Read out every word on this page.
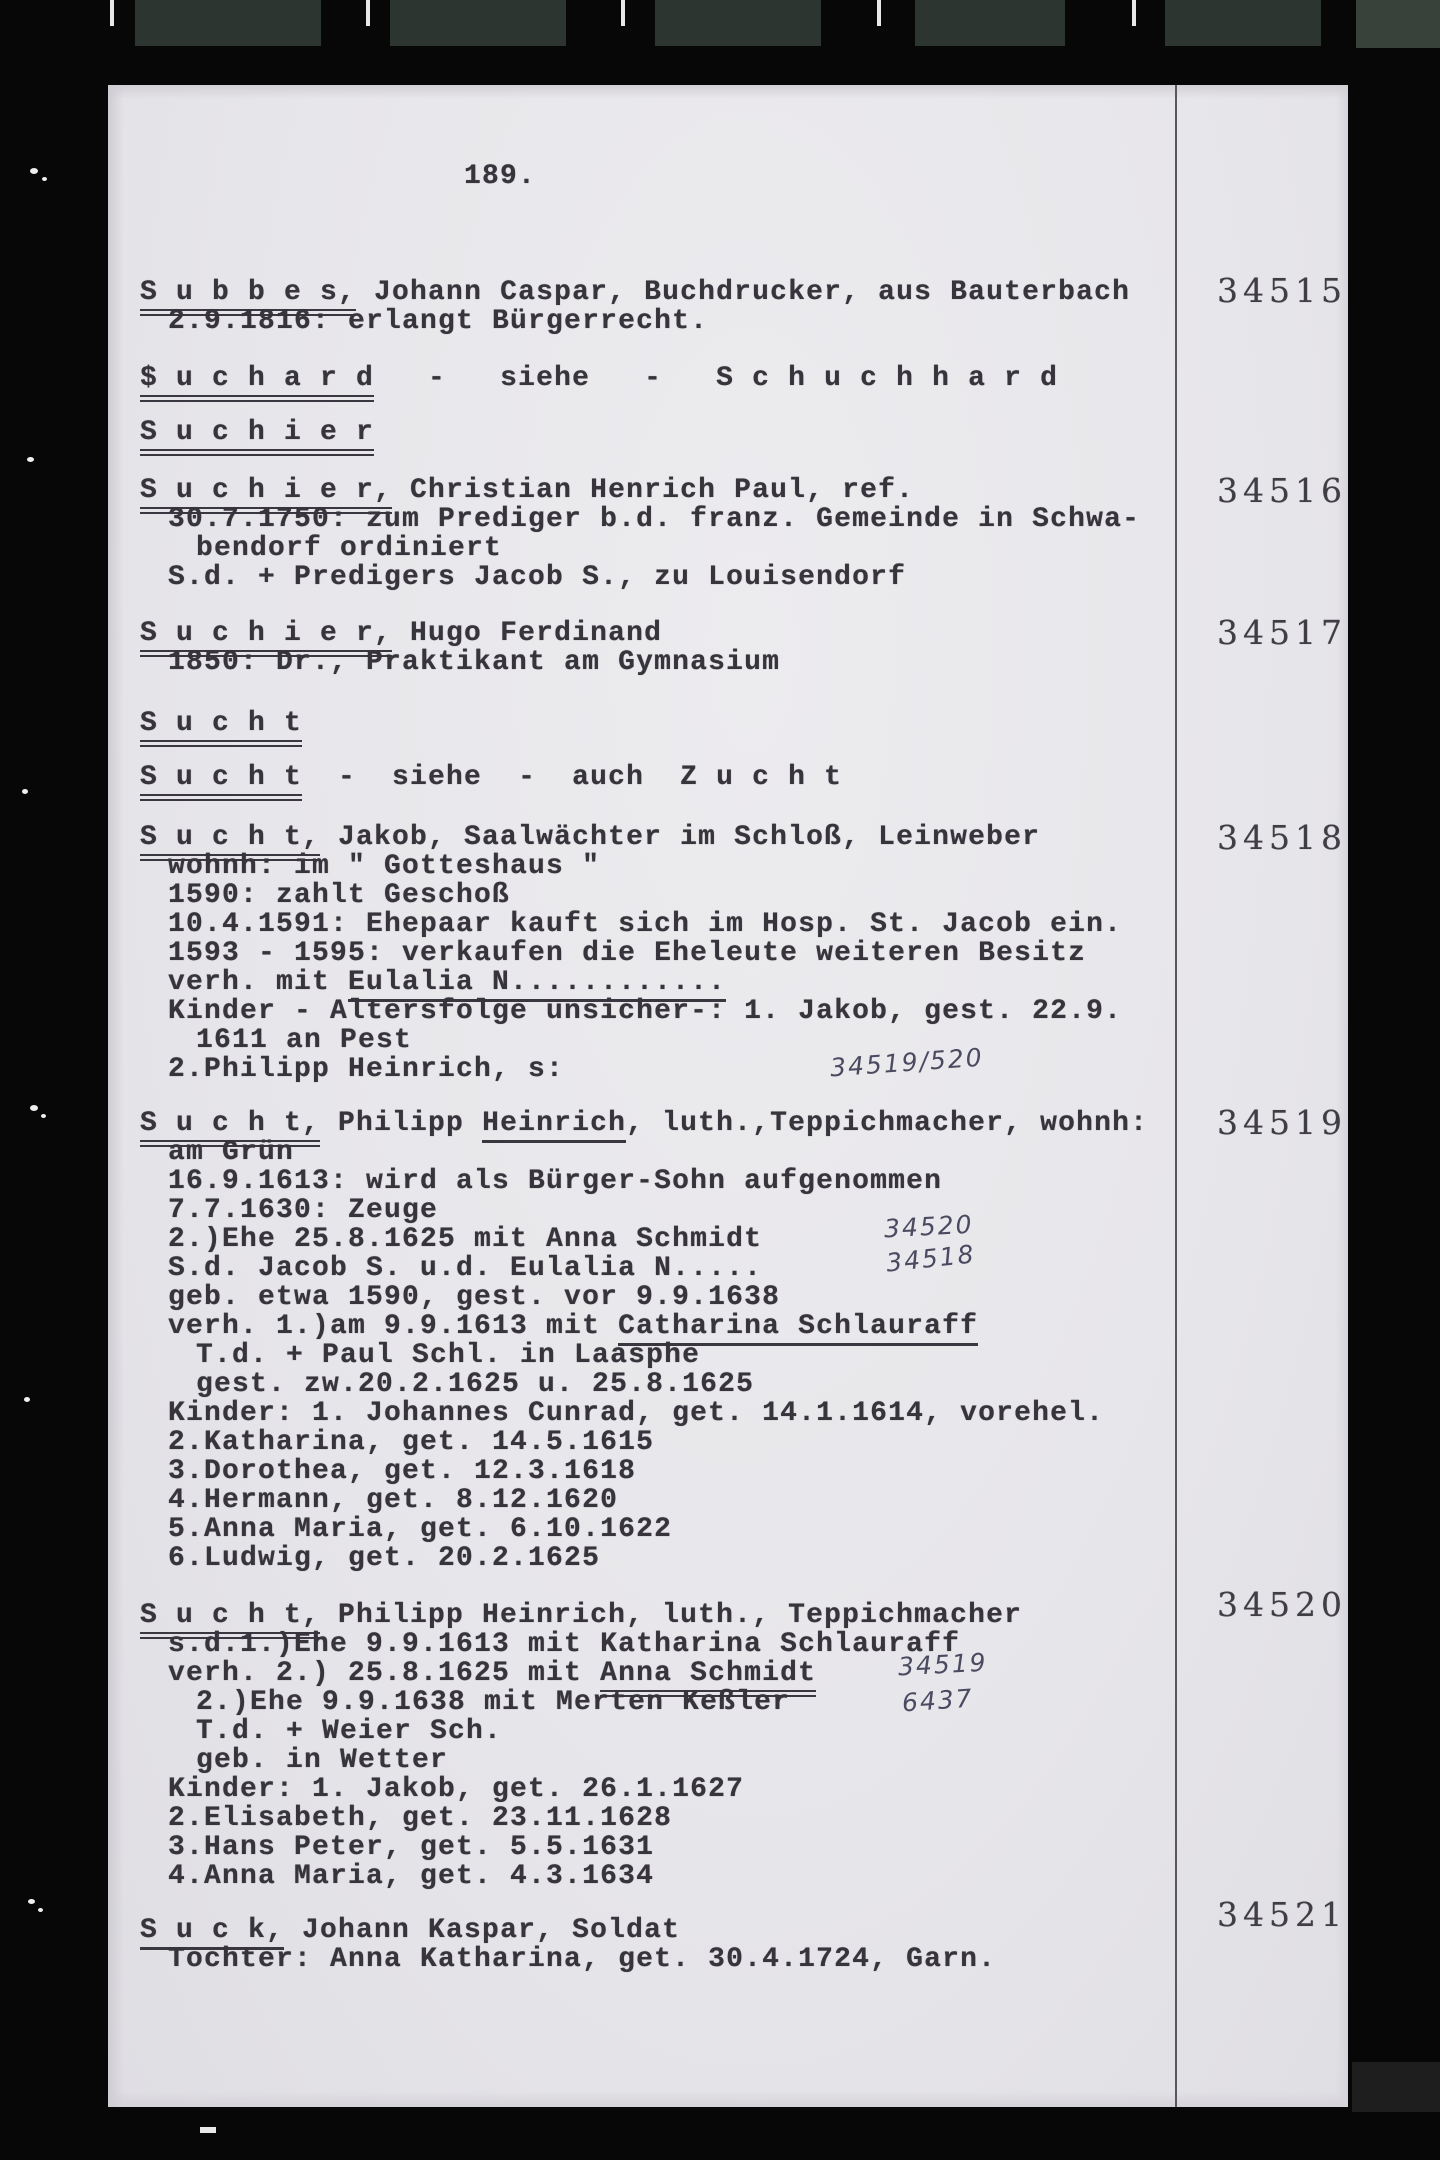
189.
S u b b e s, Johann Caspar, Buchdrucker, aus Bauterbach
2.9.1816: erlangt Bürgerrecht.
$ u c h a r d   -   siehe   -   S c h u c h h a r d
S u c h i e r
S u c h i e r, Christian Henrich Paul, ref.
30.7.1750: zum Prediger b.d. franz. Gemeinde in Schwa-
bendorf ordiniert
S.d. + Predigers Jacob S., zu Louisendorf
S u c h i e r, Hugo Ferdinand
1850: Dr., Praktikant am Gymnasium
S u c h t
S u c h t  -  siehe  -  auch  Z u c h t
S u c h t, Jakob, Saalwächter im Schloß, Leinweber
wohnh: im " Gotteshaus "
1590: zahlt Geschoß
10.4.1591: Ehepaar kauft sich im Hosp. St. Jacob ein.
1593 - 1595: verkaufen die Eheleute weiteren Besitz
verh. mit Eulalia N............
Kinder - Altersfolge unsicher-: 1. Jakob, gest. 22.9.
1611 an Pest
2.Philipp Heinrich, s:
S u c h t, Philipp Heinrich, luth.,Teppichmacher, wohnh:
am Grün
16.9.1613: wird als Bürger-Sohn aufgenommen
7.7.1630: Zeuge
2.)Ehe 25.8.1625 mit Anna Schmidt
S.d. Jacob S. u.d. Eulalia N.....
geb. etwa 1590, gest. vor 9.9.1638
verh. 1.)am 9.9.1613 mit Catharina Schlauraff
T.d. + Paul Schl. in Laasphe
gest. zw.20.2.1625 u. 25.8.1625
Kinder: 1. Johannes Cunrad, get. 14.1.1614, vorehel.
2.Katharina, get. 14.5.1615
3.Dorothea, get. 12.3.1618
4.Hermann, get. 8.12.1620
5.Anna Maria, get. 6.10.1622
6.Ludwig, get. 20.2.1625
S u c h t, Philipp Heinrich, luth., Teppichmacher
s.d.1.)Ehe 9.9.1613 mit Katharina Schlauraff
verh. 2.) 25.8.1625 mit Anna Schmidt
2.)Ehe 9.9.1638 mit Merten Keßler
T.d. + Weier Sch.
geb. in Wetter
Kinder: 1. Jakob, get. 26.1.1627
2.Elisabeth, get. 23.11.1628
3.Hans Peter, get. 5.5.1631
4.Anna Maria, get. 4.3.1634
S u c k, Johann Kaspar, Soldat
Tochter: Anna Katharina, get. 30.4.1724, Garn.
34515
34516
34517
34518
34519
34520
34521
34519/520
34520
34518
34519
6437
